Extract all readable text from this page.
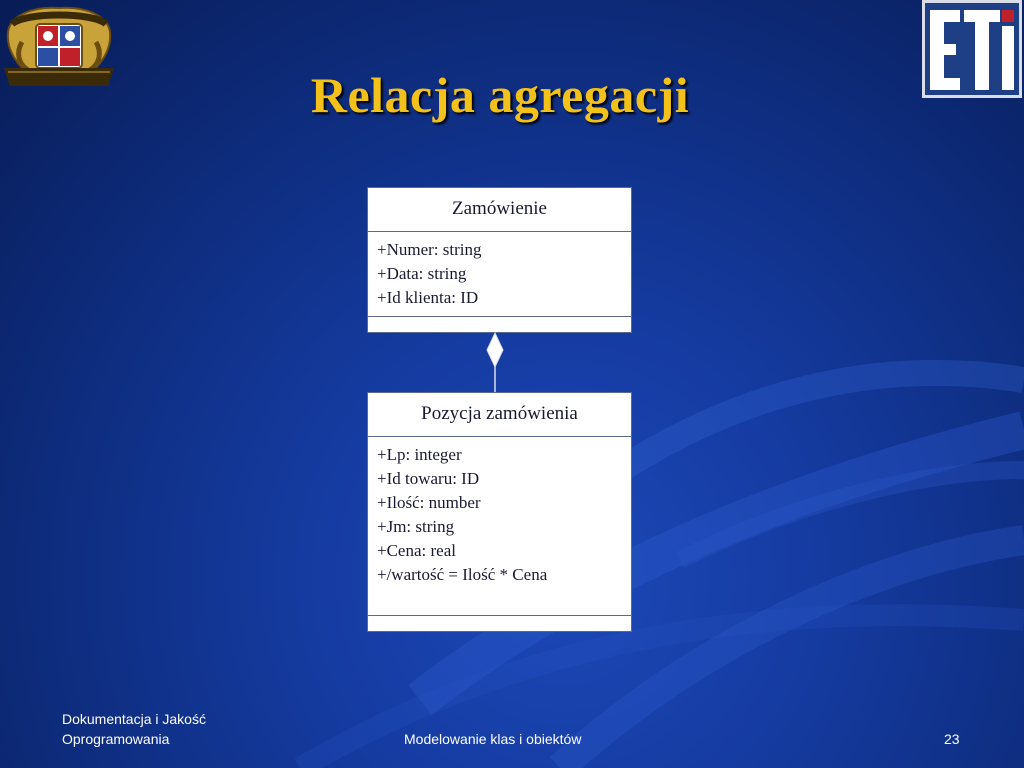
Relacja agregacji
Zamówienie
+Numer: string
+Data: string
+Id klienta: ID
Pozycja zamówienia
+Lp: integer
+Id towaru: ID
+Ilość: number
+Jm: string
+Cena: real
+/wartość = Ilość * Cena
Dokumentacja i Jakość
Oprogramowania	Modelowanie klas i obiektów	23
